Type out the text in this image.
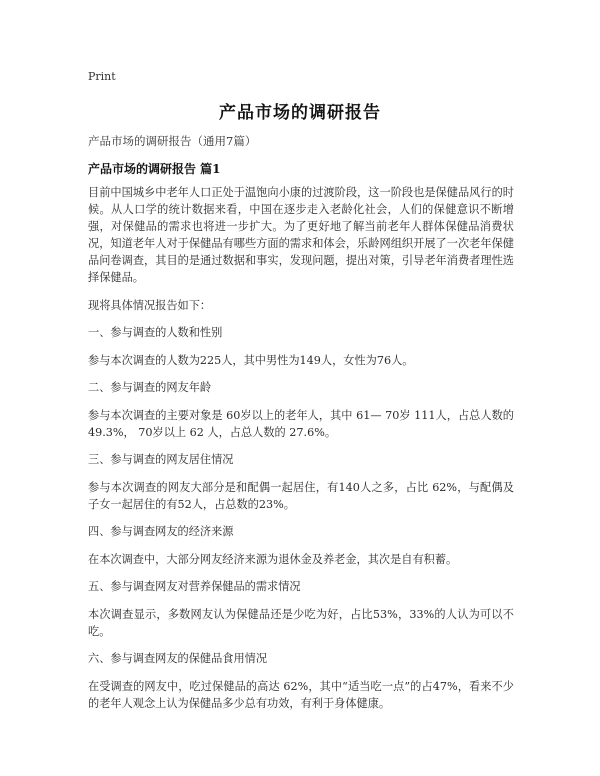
Print
产品市场的调研报告
产品市场的调研报告（通用7篇）
产品市场的调研报告 篇1

目前中国城乡中老年人口正处于温饱向小康的过渡阶段，这一阶段也是保健品风行的时候。从人口学的统计数据来看，中国在逐步走入老龄化社会，人们的保健意识不断增强，对保健品的需求也将进一步扩大。为了更好地了解当前老年人群体保健品消费状况，知道老年人对于保健品有哪些方面的需求和体会，乐龄网组织开展了一次老年保健品问卷调查，其目的是通过数据和事实，发现问题，提出对策，引导老年消费者理性选择保健品。

现将具体情况报告如下：

一、参与调查的人数和性别

参与本次调查的人数为225人，其中男性为149人，女性为76人。

二、参与调查的网友年龄

参与本次调查的主要对象是 60岁以上的老年人，其中 61— 70岁 111人，占总人数的 49.3%， 70岁以上 62 人，占总人数的 27.6%。

三、参与调查的网友居住情况

参与本次调查的网友大部分是和配偶一起居住，有140人之多，占比 62%，与配偶及子女一起居住的有52人，占总数的23%。

四、参与调查网友的经济来源

在本次调查中，大部分网友经济来源为退休金及养老金，其次是自有积蓄。

五、参与调查网友对营养保健品的需求情况

本次调查显示，多数网友认为保健品还是少吃为好，占比53%，33%的人认为可以不吃。

六、参与调查网友的保健品食用情况

在受调查的网友中，吃过保健品的高达 62%，其中“适当吃一点”的占47%，看来不少的老年人观念上认为保健品多少总有功效，有利于身体健康。
